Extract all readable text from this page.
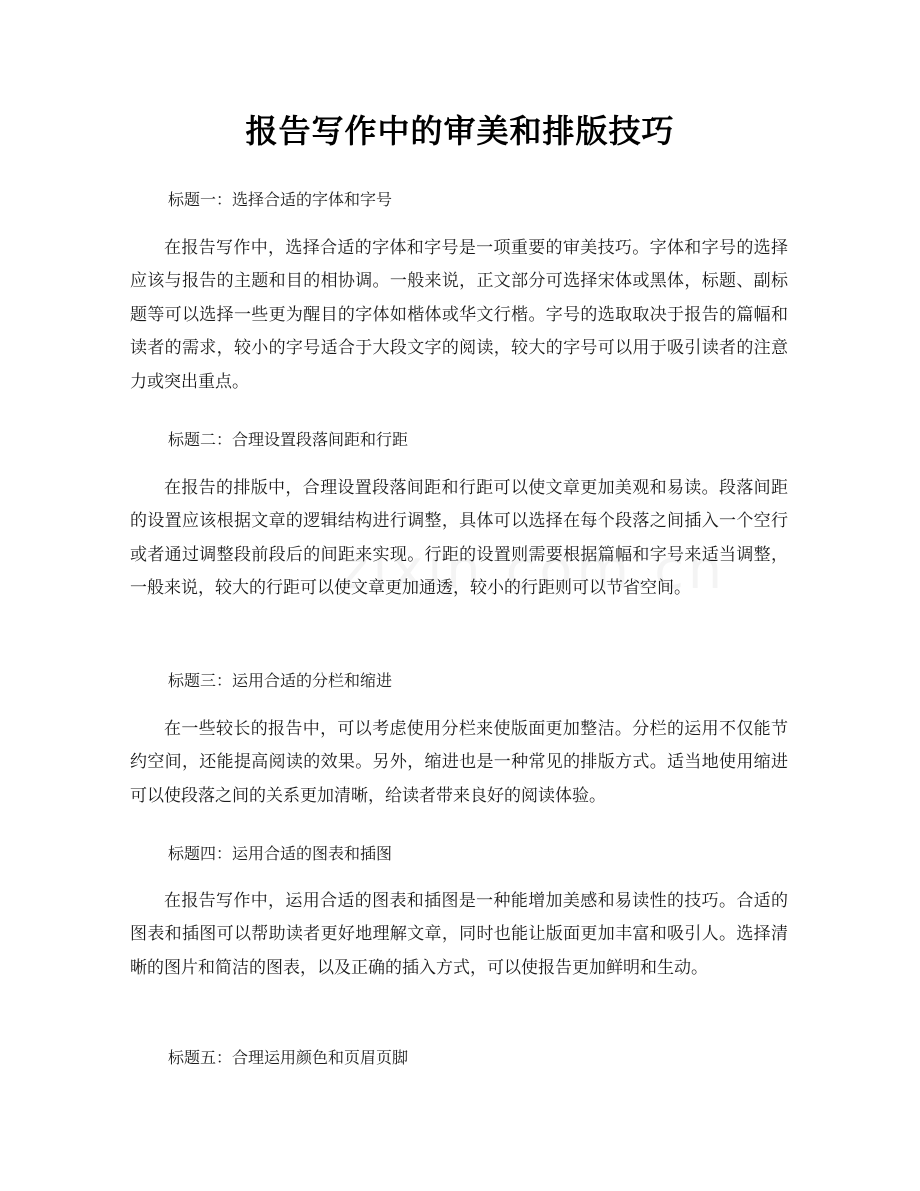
报告写作中的审美和排版技巧

标题一：选择合适的字体和字号

在报告写作中，选择合适的字体和字号是一项重要的审美技巧。字体和字号的选择应该与报告的主题和目的相协调。一般来说，正文部分可选择宋体或黑体，标题、副标题等可以选择一些更为醒目的字体如楷体或华文行楷。字号的选取取决于报告的篇幅和读者的需求，较小的字号适合于大段文字的阅读，较大的字号可以用于吸引读者的注意力或突出重点。

标题二：合理设置段落间距和行距

在报告的排版中，合理设置段落间距和行距可以使文章更加美观和易读。段落间距的设置应该根据文章的逻辑结构进行调整，具体可以选择在每个段落之间插入一个空行或者通过调整段前段后的间距来实现。行距的设置则需要根据篇幅和字号来适当调整，一般来说，较大的行距可以使文章更加通透，较小的行距则可以节省空间。

标题三：运用合适的分栏和缩进

在一些较长的报告中，可以考虑使用分栏来使版面更加整洁。分栏的运用不仅能节约空间，还能提高阅读的效果。另外，缩进也是一种常见的排版方式。适当地使用缩进可以使段落之间的关系更加清晰，给读者带来良好的阅读体验。

标题四：运用合适的图表和插图

在报告写作中，运用合适的图表和插图是一种能增加美感和易读性的技巧。合适的图表和插图可以帮助读者更好地理解文章，同时也能让版面更加丰富和吸引人。选择清晰的图片和简洁的图表，以及正确的插入方式，可以使报告更加鲜明和生动。

标题五：合理运用颜色和页眉页脚
